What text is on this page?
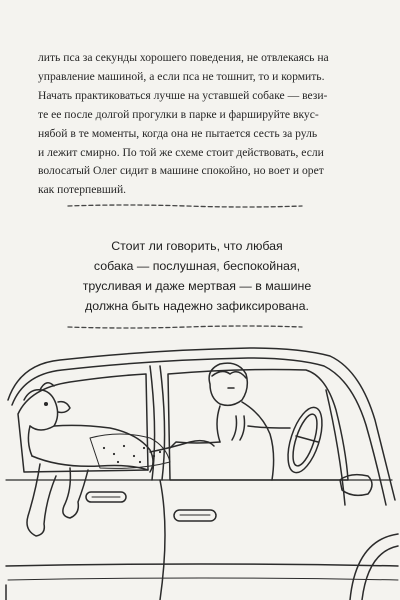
лить пса за секунды хорошего поведения, не отвлекаясь на

управление машиной, а если пса не тошнит, то и кормить.

Начать практиковаться лучше на уставшей собаке — вези-

те ее после долгой прогулки в парке и фаршируйте вкус-

нябой в те моменты, когда она не пытается сесть за руль

и лежит смирно. По той же схеме стоит действовать, если

волосатый Олег сидит в машине спокойно, но воет и орет

как потерпевший.

Стоит ли говорить, что любая

собака — послушная, беспокойная,

трусливая и даже мертвая — в машине

должна быть надежно зафиксирована.
